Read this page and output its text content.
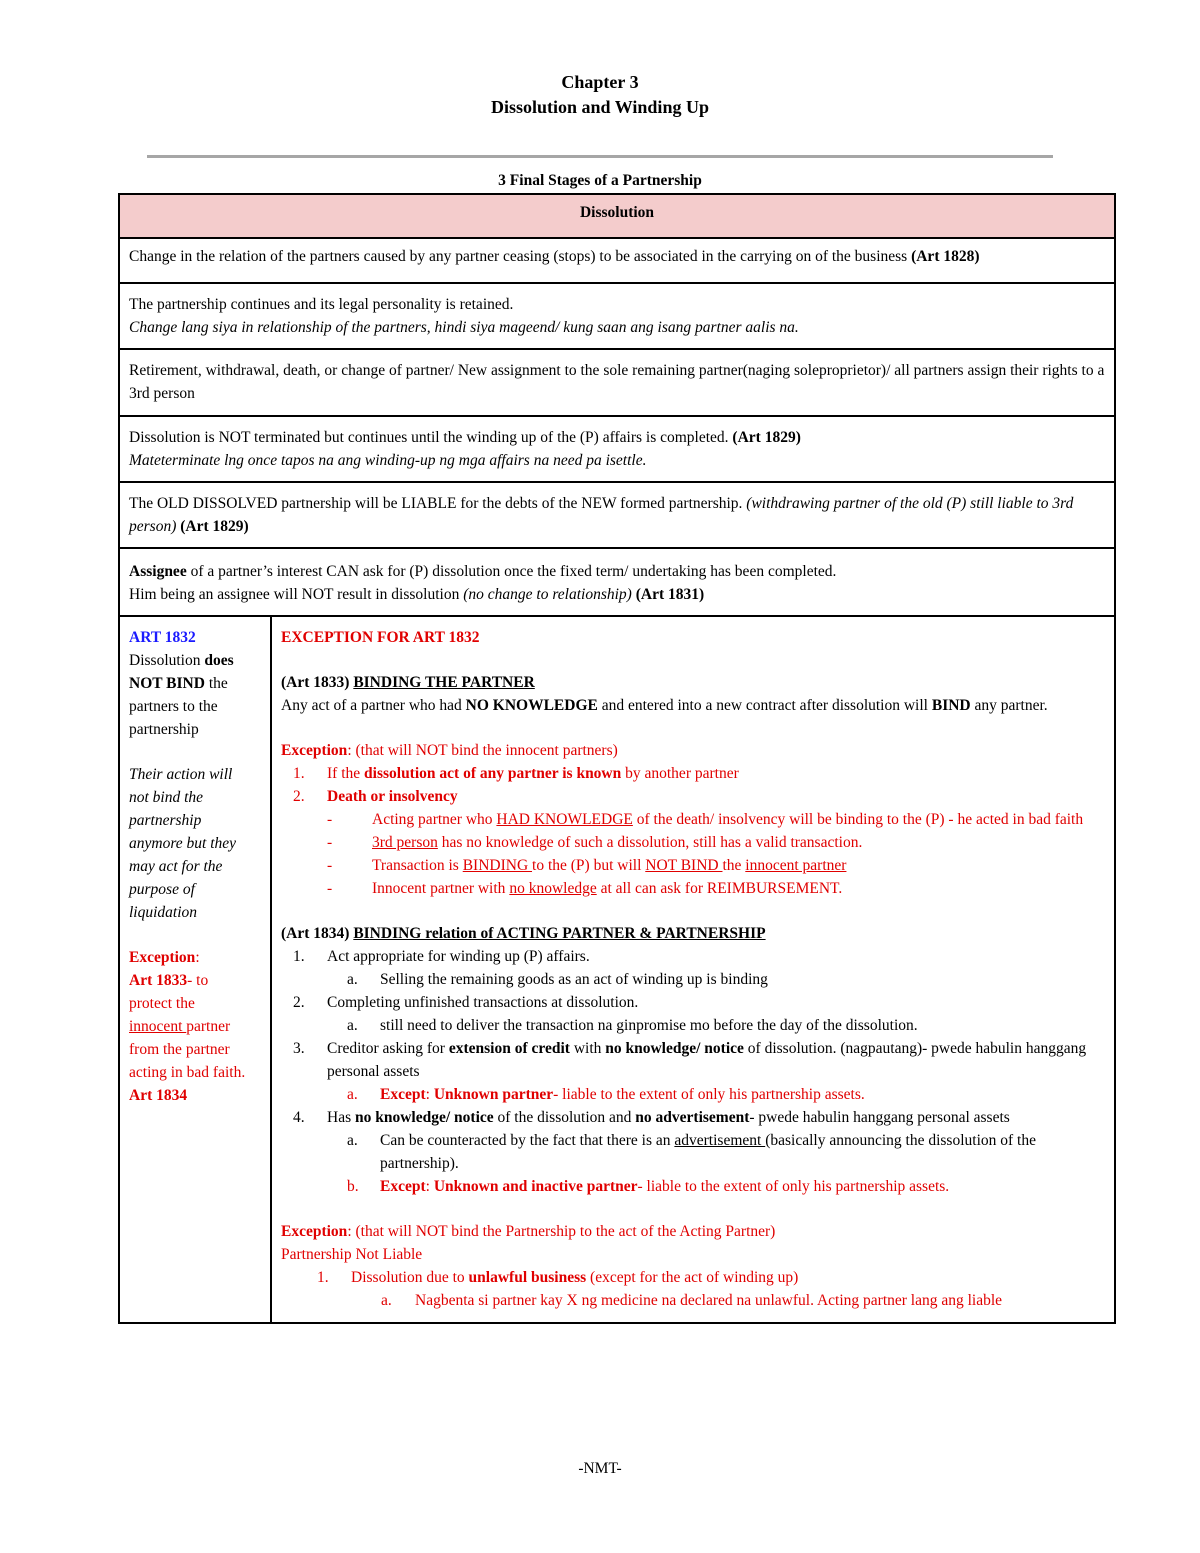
Chapter 3
Dissolution and Winding Up
3 Final Stages of a Partnership
Dissolution
Change in the relation of the partners caused by any partner ceasing (stops) to be associated in the carrying on of the business (Art 1828)

The partnership continues and its legal personality is retained.
Change lang siya in relationship of the partners, hindi siya mageend/ kung saan ang isang partner aalis na.

Retirement, withdrawal, death, or change of partner/ New assignment to the sole remaining partner(naging soleproprietor)/ all partners assign their rights to a 3rd person
Dissolution is NOT terminated but continues until the winding up of the (P) affairs is completed. (Art 1829)
Mateterminate lng once tapos na ang winding-up ng mga affairs na need pa isettle.

The OLD DISSOLVED partnership will be LIABLE for the debts of the NEW formed partnership. (withdrawing partner of the old (P) still liable to 3rd person) (Art 1829)
Assignee of a partner’s interest CAN ask for (P) dissolution once the fixed term/ undertaking has been completed.
Him being an assignee will NOT result in dissolution (no change to relationship) (Art 1831)

ART 1832
Dissolution does
NOT BIND the
partners to the
partnership
Their action will
not bind the
partnership
anymore but they
may act for the
purpose of
liquidation
Exception:
Art 1833- to
protect the
innocent partner
from the partner
acting in bad faith.
Art 1834

EXCEPTION FOR ART 1832
(Art 1833) BINDING THE PARTNER
Any act of a partner who had NO KNOWLEDGE and entered into a new contract after dissolution will BIND any partner.
Exception: (that will NOT bind the innocent partners)
1.	If the dissolution act of any partner is known by another partner
2.	Death or insolvency
-	Acting partner who HAD KNOWLEDGE of the death/ insolvency will be binding to the (P) - he acted in bad faith
-	3rd person has no knowledge of such a dissolution, still has a valid transaction.
-	Transaction is BINDING to the (P) but will NOT BIND the innocent partner
-	Innocent partner with no knowledge at all can ask for REIMBURSEMENT.
(Art 1834) BINDING relation of ACTING PARTNER & PARTNERSHIP
1.	Act appropriate for winding up (P) affairs.
a.	Selling the remaining goods as an act of winding up is binding
2.	Completing unfinished transactions at dissolution.
a.	still need to deliver the transaction na ginpromise mo before the day of the dissolution.
3.	Creditor asking for extension of credit with no knowledge/ notice of dissolution. (nagpautang)- pwede habulin hanggang personal assets
a.	Except: Unknown partner- liable to the extent of only his partnership assets.
4.	Has no knowledge/ notice of the dissolution and no advertisement- pwede habulin hanggang personal assets
a.	Can be counteracted by the fact that there is an advertisement (basically announcing the dissolution of the partnership).
b.	Except: Unknown and inactive partner- liable to the extent of only his partnership assets.
Exception: (that will NOT bind the Partnership to the act of the Acting Partner)
Partnership Not Liable
1.	Dissolution due to unlawful business (except for the act of winding up)
a.	Nagbenta si partner kay X ng medicine na declared na unlawful. Acting partner lang ang liable
-NMT-
